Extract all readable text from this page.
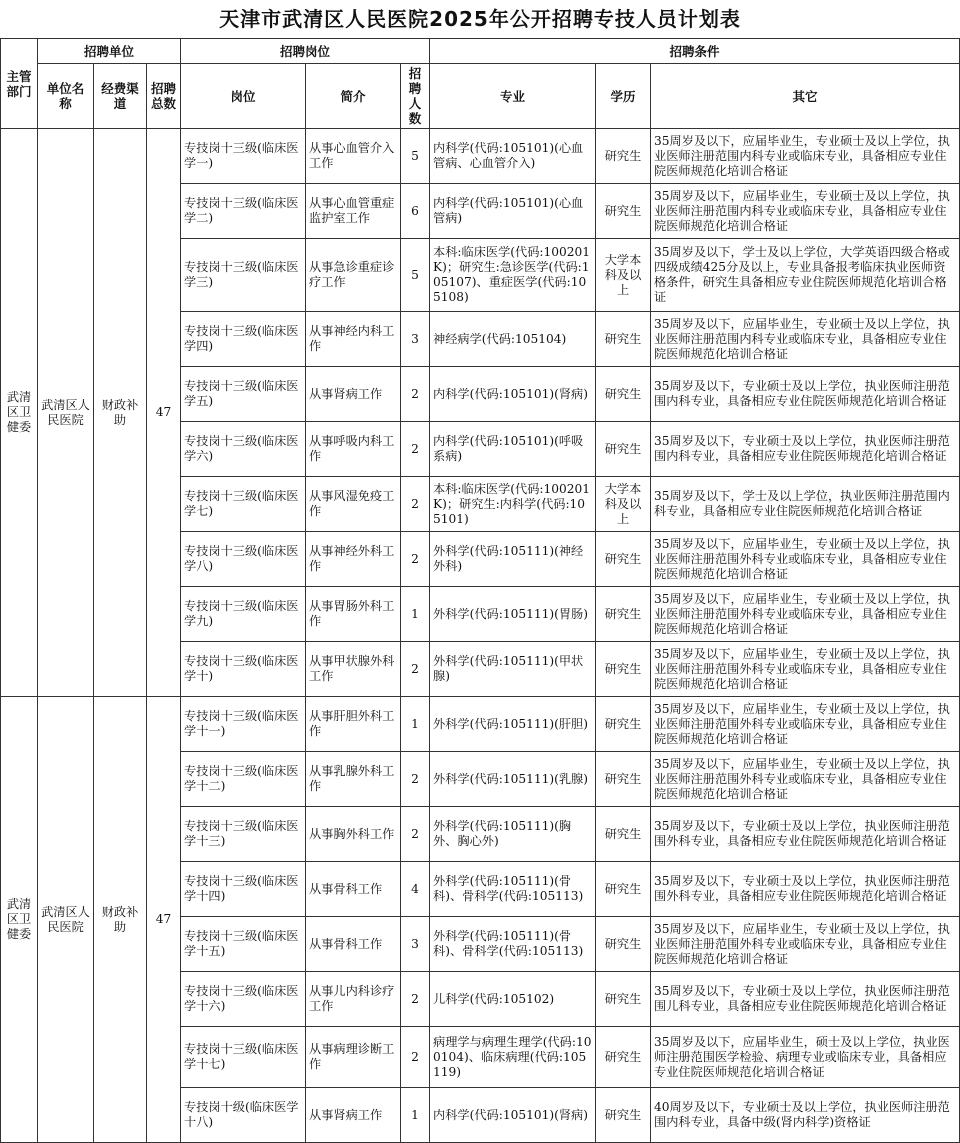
天津市武清区人民医院2025年公开招聘专技人员计划表
主管部门	招聘单位			招聘岗位			招聘条件		
	单位名称	经费渠道	招聘总数	岗位	简介	招聘人数	专业	学历	其它
武清区卫健委	武清区人民医院	财政补助	47	专技岗十三级(临床医学一)	从事心血管介入工作	5	内科学(代码:105101)(心血管病、心血管介入)	研究生	35周岁及以下，应届毕业生，专业硕士及以上学位，执业医师注册范围内科专业或临床专业，具备相应专业住院医师规范化培训合格证
				专技岗十三级(临床医学二)	从事心血管重症监护室工作	6	内科学(代码:105101)(心血管病)	研究生	35周岁及以下，应届毕业生，专业硕士及以上学位，执业医师注册范围内科专业或临床专业，具备相应专业住院医师规范化培训合格证
				专技岗十三级(临床医学三)	从事急诊重症诊疗工作	5	本科:临床医学(代码:100201K)；研究生:急诊医学(代码:105107)、重症医学(代码:105108)	大学本科及以上	35周岁及以下，学士及以上学位，大学英语四级合格或四级成绩425分及以上，专业具备报考临床执业医师资格条件，研究生具备相应专业住院医师规范化培训合格证
				专技岗十三级(临床医学四)	从事神经内科工作	3	神经病学(代码:105104)	研究生	35周岁及以下，应届毕业生，专业硕士及以上学位，执业医师注册范围内科专业或临床专业，具备相应专业住院医师规范化培训合格证
				专技岗十三级(临床医学五)	从事肾病工作	2	内科学(代码:105101)(肾病)	研究生	35周岁及以下，专业硕士及以上学位，执业医师注册范围内科专业，具备相应专业住院医师规范化培训合格证
				专技岗十三级(临床医学六)	从事呼吸内科工作	2	内科学(代码:105101)(呼吸系病)	研究生	35周岁及以下，专业硕士及以上学位，执业医师注册范围内科专业，具备相应专业住院医师规范化培训合格证
				专技岗十三级(临床医学七)	从事风湿免疫工作	2	本科:临床医学(代码:100201K)；研究生:内科学(代码:105101)	大学本科及以上	35周岁及以下，学士及以上学位，执业医师注册范围内科专业，具备相应专业住院医师规范化培训合格证
				专技岗十三级(临床医学八)	从事神经外科工作	2	外科学(代码:105111)(神经外科)	研究生	35周岁及以下，应届毕业生，专业硕士及以上学位，执业医师注册范围外科专业或临床专业，具备相应专业住院医师规范化培训合格证
				专技岗十三级(临床医学九)	从事胃肠外科工作	1	外科学(代码:105111)(胃肠)	研究生	35周岁及以下，应届毕业生，专业硕士及以上学位，执业医师注册范围外科专业或临床专业，具备相应专业住院医师规范化培训合格证
				专技岗十三级(临床医学十)	从事甲状腺外科工作	2	外科学(代码:105111)(甲状腺)	研究生	35周岁及以下，应届毕业生，专业硕士及以上学位，执业医师注册范围外科专业或临床专业，具备相应专业住院医师规范化培训合格证
武清区卫健委	武清区人民医院	财政补助	47	专技岗十三级(临床医学十一)	从事肝胆外科工作	1	外科学(代码:105111)(肝胆)	研究生	35周岁及以下，应届毕业生，专业硕士及以上学位，执业医师注册范围外科专业或临床专业，具备相应专业住院医师规范化培训合格证
				专技岗十三级(临床医学十二)	从事乳腺外科工作	2	外科学(代码:105111)(乳腺)	研究生	35周岁及以下，应届毕业生，专业硕士及以上学位，执业医师注册范围外科专业或临床专业，具备相应专业住院医师规范化培训合格证
				专技岗十三级(临床医学十三)	从事胸外科工作	2	外科学(代码:105111)(胸外、胸心外)	研究生	35周岁及以下，专业硕士及以上学位，执业医师注册范围外科专业，具备相应专业住院医师规范化培训合格证
				专技岗十三级(临床医学十四)	从事骨科工作	4	外科学(代码:105111)(骨科)、骨科学(代码:105113)	研究生	35周岁及以下，专业硕士及以上学位，执业医师注册范围外科专业，具备相应专业住院医师规范化培训合格证
				专技岗十三级(临床医学十五)	从事骨科工作	3	外科学(代码:105111)(骨科)、骨科学(代码:105113)	研究生	35周岁及以下，应届毕业生，专业硕士及以上学位，执业医师注册范围外科专业或临床专业，具备相应专业住院医师规范化培训合格证
				专技岗十三级(临床医学十六)	从事儿内科诊疗工作	2	儿科学(代码:105102)	研究生	35周岁及以下，专业硕士及以上学位，执业医师注册范围儿科专业，具备相应专业住院医师规范化培训合格证
				专技岗十三级(临床医学十七)	从事病理诊断工作	2	病理学与病理生理学(代码:100104)、临床病理(代码:105119)	研究生	35周岁及以下，应届毕业生，硕士及以上学位，执业医师注册范围医学检验、病理专业或临床专业，具备相应专业住院医师规范化培训合格证
				专技岗十级(临床医学十八)	从事肾病工作	1	内科学(代码:105101)(肾病)	研究生	40周岁及以下，专业硕士及以上学位，执业医师注册范围内科专业，具备中级(肾内科学)资格证
